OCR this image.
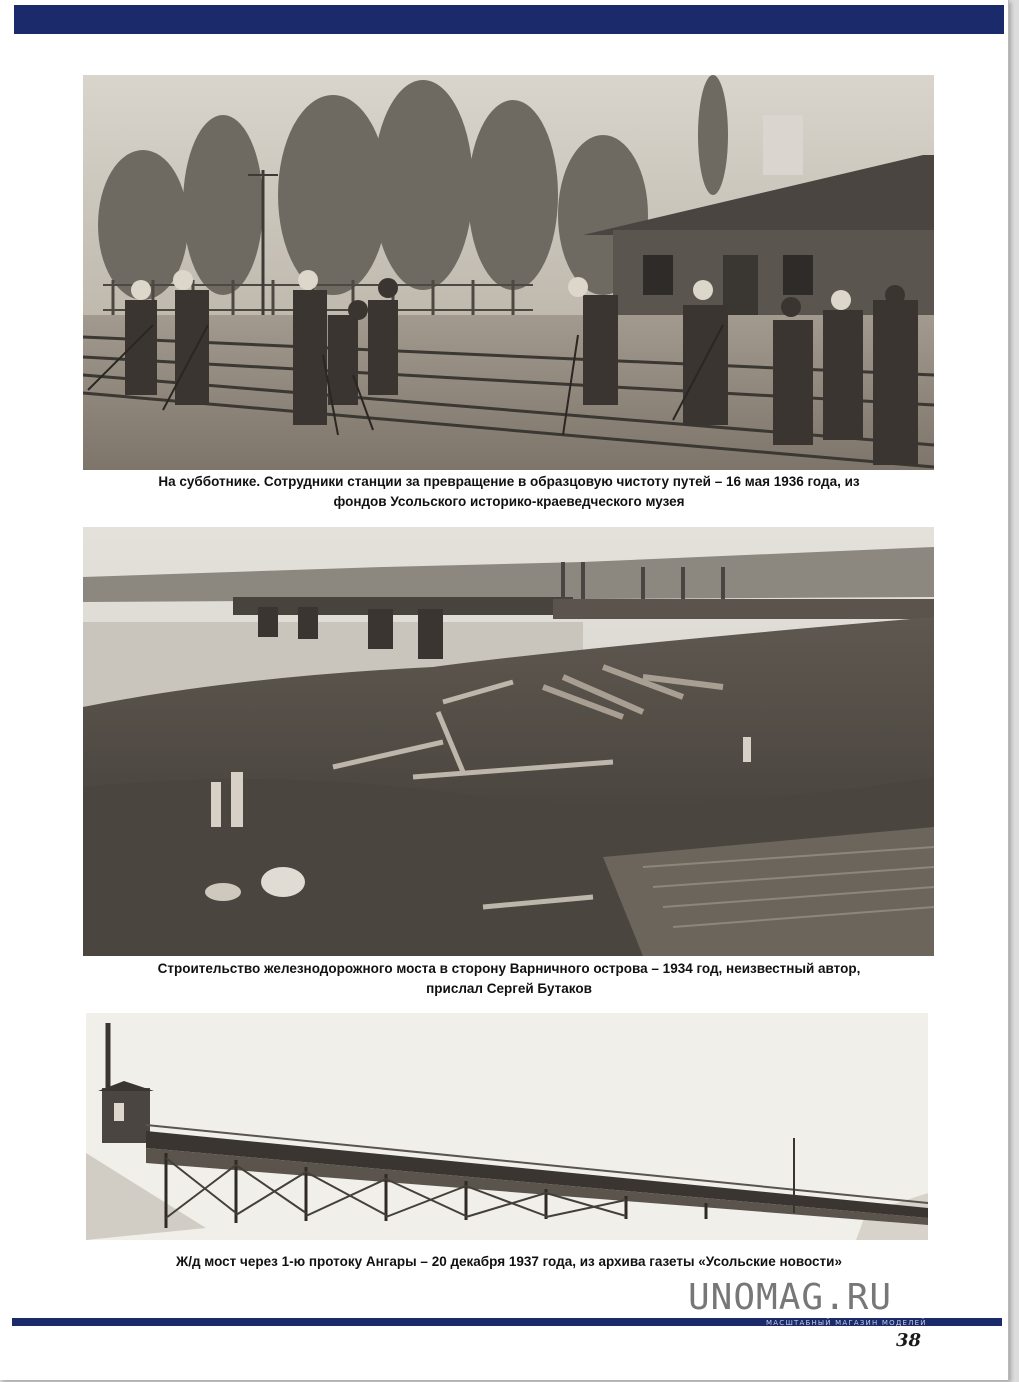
На субботнике. Сотрудники станции за превращение в образцовую чистоту путей – 16 мая 1936 года, из
фондов Усольского историко-краеведческого музея
Строительство железнодорожного моста в сторону Варничного острова – 1934 год, неизвестный автор,
прислал Сергей Бутаков
Ж/д мост через 1-ю протоку Ангары – 20 декабря 1937 года, из архива газеты «Усольские новости»
UNOMAG.RU
МАСШТАБНЫЙ МАГАЗИН МОДЕЛЕЙ
38
